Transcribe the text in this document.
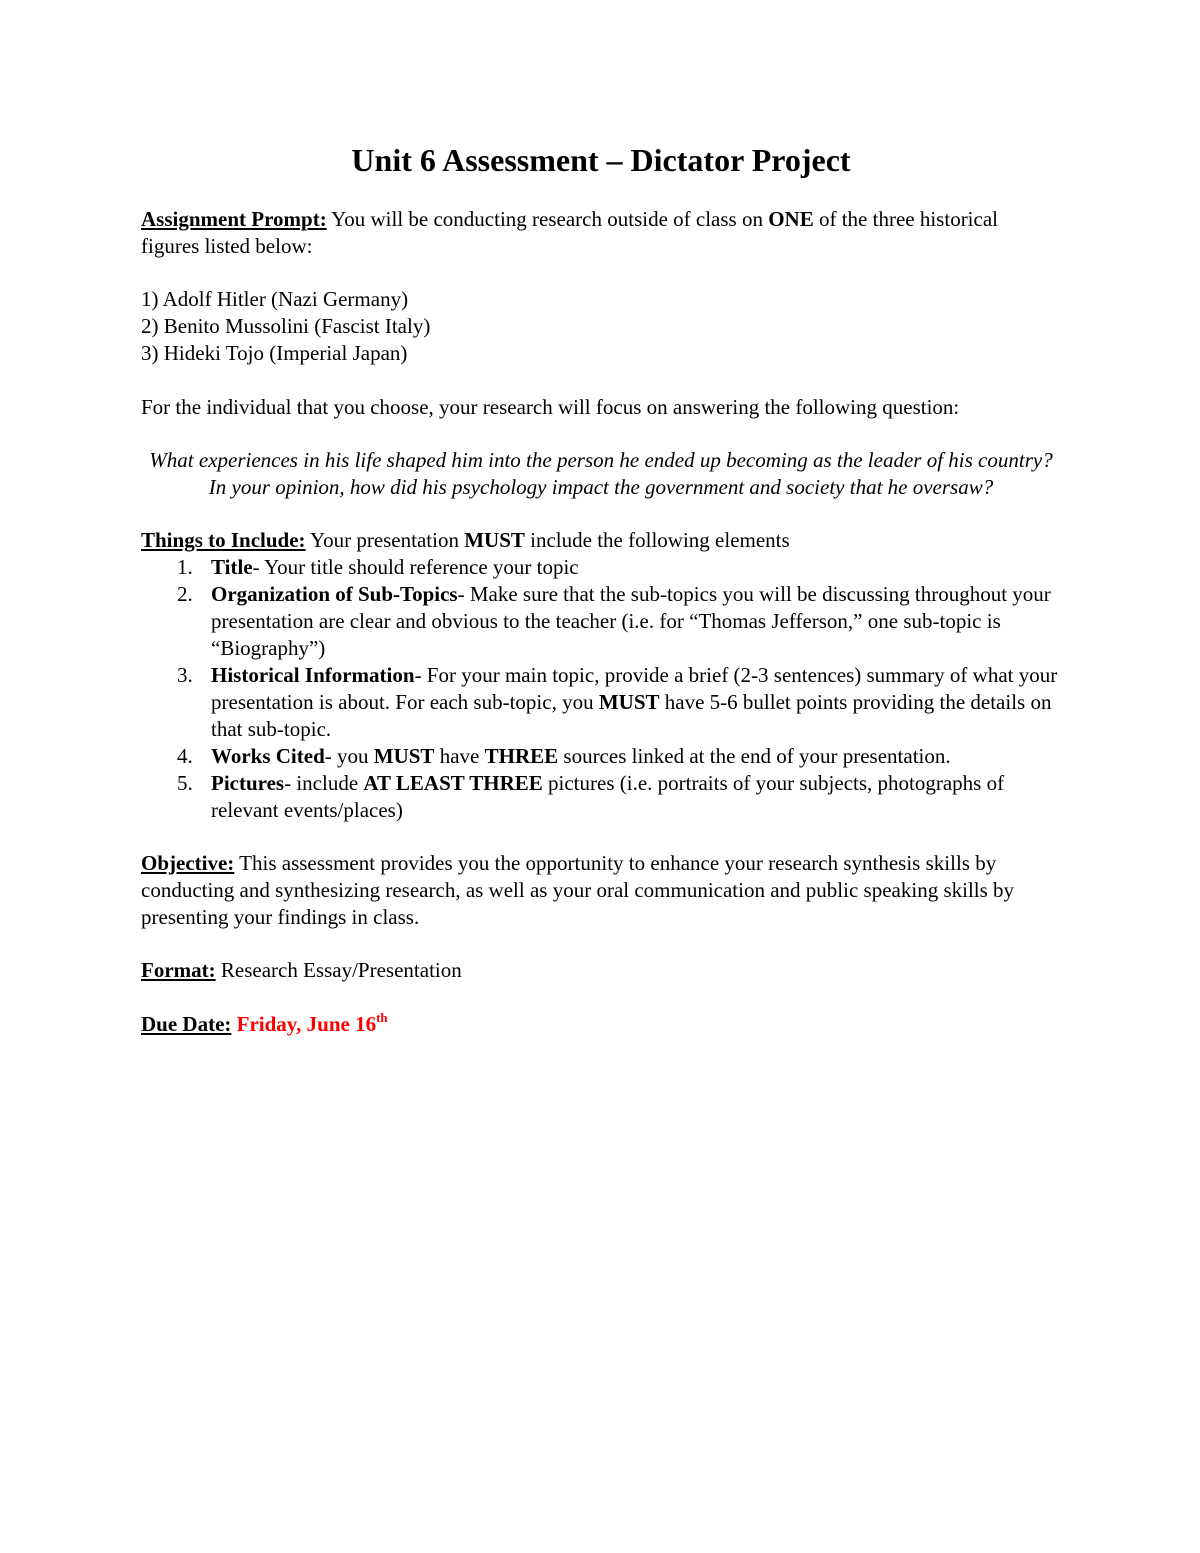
Unit 6 Assessment – Dictator Project

Assignment Prompt: You will be conducting research outside of class on ONE of the three historical figures listed below:

1) Adolf Hitler (Nazi Germany)
2) Benito Mussolini (Fascist Italy)
3) Hideki Tojo (Imperial Japan)

For the individual that you choose, your research will focus on answering the following question:

What experiences in his life shaped him into the person he ended up becoming as the leader of his country? In your opinion, how did his psychology impact the government and society that he oversaw?

Things to Include: Your presentation MUST include the following elements

1. Title- Your title should reference your topic
2. Organization of Sub-Topics- Make sure that the sub-topics you will be discussing throughout your presentation are clear and obvious to the teacher (i.e. for “Thomas Jefferson,” one sub-topic is “Biography”)
3. Historical Information- For your main topic, provide a brief (2-3 sentences) summary of what your presentation is about. For each sub-topic, you MUST have 5-6 bullet points providing the details on that sub-topic.
4. Works Cited- you MUST have THREE sources linked at the end of your presentation.
5. Pictures- include AT LEAST THREE pictures (i.e. portraits of your subjects, photographs of relevant events/places)

Objective: This assessment provides you the opportunity to enhance your research synthesis skills by conducting and synthesizing research, as well as your oral communication and public speaking skills by presenting your findings in class.

Format: Research Essay/Presentation

Due Date: Friday, June 16th
